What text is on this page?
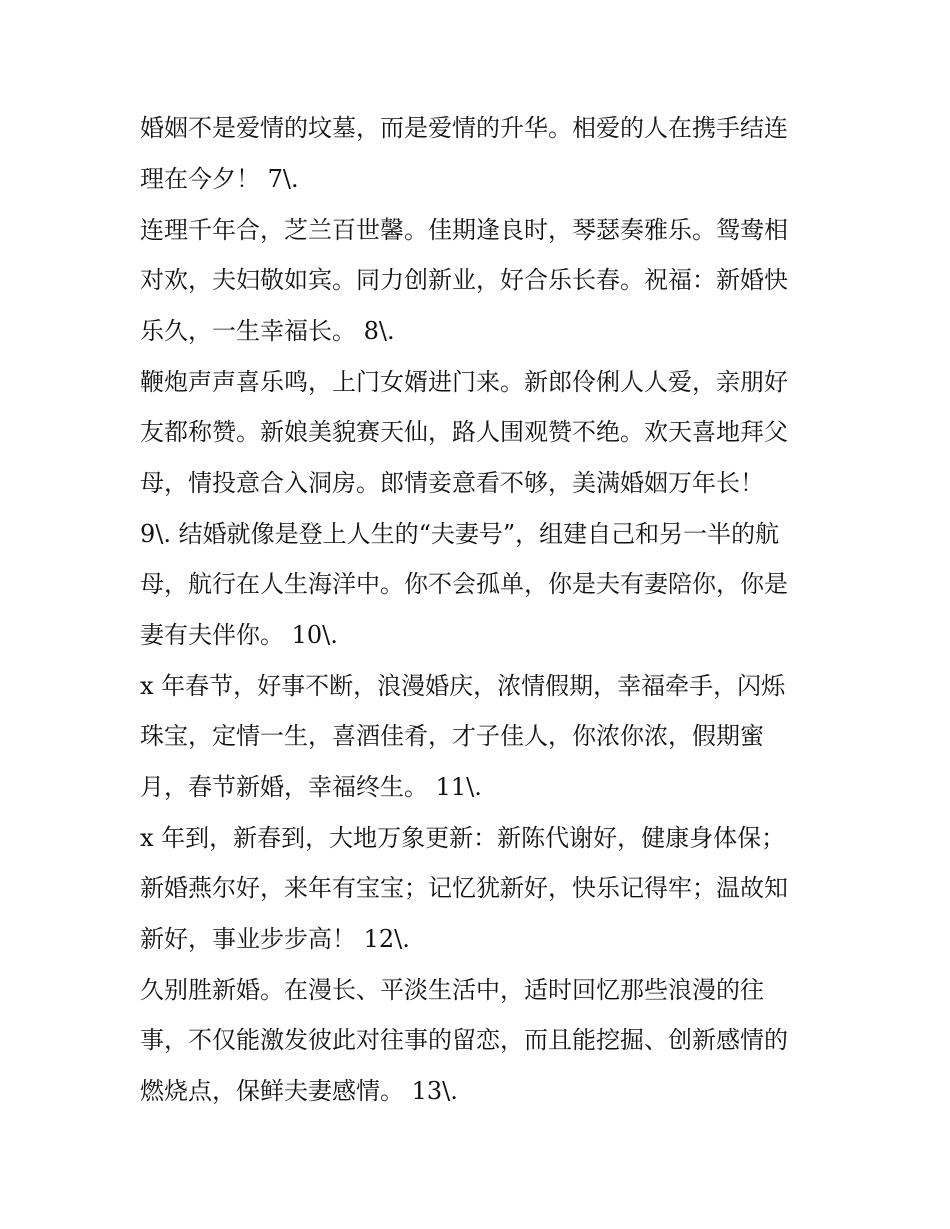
婚姻不是爱情的坟墓，而是爱情的升华。相爱的人在携手结连
理在今夕！ 7\.
连理千年合，芝兰百世馨。佳期逢良时，琴瑟奏雅乐。鸳鸯相
对欢，夫妇敬如宾。同力创新业，好合乐长春。祝福：新婚快
乐久，一生幸福长。 8\.
鞭炮声声喜乐鸣，上门女婿进门来。新郎伶俐人人爱，亲朋好
友都称赞。新娘美貌赛天仙，路人围观赞不绝。欢天喜地拜父
母，情投意合入洞房。郎情妾意看不够，美满婚姻万年长！
9\. 结婚就像是登上人生的“夫妻号”，组建自己和另一半的航
母，航行在人生海洋中。你不会孤单，你是夫有妻陪你，你是
妻有夫伴你。 10\.
x 年春节，好事不断，浪漫婚庆，浓情假期，幸福牵手，闪烁
珠宝，定情一生，喜酒佳肴，才子佳人，你浓你浓，假期蜜
月，春节新婚，幸福终生。 11\.
x 年到，新春到，大地万象更新：新陈代谢好，健康身体保；
新婚燕尔好，来年有宝宝；记忆犹新好，快乐记得牢；温故知
新好，事业步步高！ 12\.
久别胜新婚。在漫长、平淡生活中，适时回忆那些浪漫的往
事，不仅能激发彼此对往事的留恋，而且能挖掘、创新感情的
燃烧点，保鲜夫妻感情。 13\.
